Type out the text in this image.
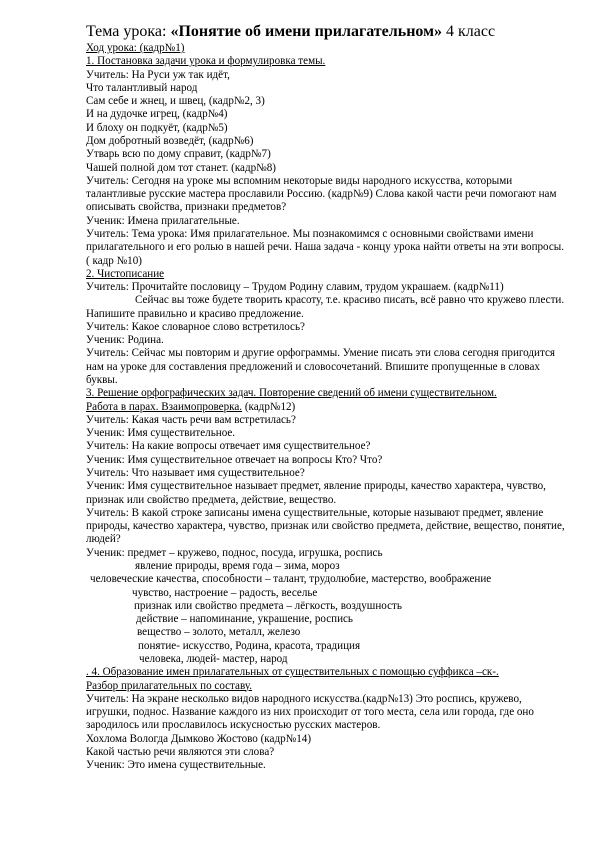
Тема урока: «Понятие об имени прилагательном» 4 класс
Ход урока: (кадр№1)
1. Постановка задачи урока и формулировка темы.
Учитель: На Руси уж так идёт,
Что талантливый народ
Сам себе и жнец, и швец, (кадр№2, 3)
И на дудочке игрец, (кадр№4)
И блоху он подкуёт, (кадр№5)
Дом добротный возведёт, (кадр№6)
Утварь всю по дому справит, (кадр№7)
Чашей полной дом тот станет. (кадр№8)
Учитель: Сегодня на уроке мы вспомним некоторые виды народного искусства, которыми талантливые русские мастера прославили Россию. (кадр№9) Слова какой части речи помогают нам описывать свойства, признаки предметов?
Ученик: Имена прилагательные.
Учитель: Тема урока: Имя прилагательное. Мы познакомимся с основными свойствами имени прилагательного и его ролью в нашей речи. Наша задача - концу урока найти ответы на эти вопросы. ( кадр №10)
2. Чистописание
Учитель: Прочитайте пословицу – Трудом Родину славим, трудом украшаем. (кадр№11)
Сейчас вы тоже будете творить красоту, т.е. красиво писать, всё равно что кружево плести. Напишите правильно и красиво предложение.
Учитель: Какое словарное слово встретилось?
Ученик: Родина.
Учитель: Сейчас мы повторим и другие орфограммы. Умение писать эти слова сегодня пригодится нам на уроке для составления предложений и словосочетаний. Впишите пропущенные в словах буквы.
3. Решение орфографических задач. Повторение сведений об имени существительном.
Работа в парах. Взаимопроверка. (кадр№12)
Учитель: Какая часть речи вам встретилась?
Ученик: Имя существительное.
Учитель: На какие вопросы отвечает имя существительное?
Ученик: Имя существительное отвечает на вопросы Кто? Что?
Учитель: Что называет имя существительное?
Ученик: Имя существительное называет предмет, явление природы, качество характера, чувство, признак или свойство предмета, действие, вещество.
Учитель: В какой строке записаны имена существительные, которые называют предмет, явление природы, качество характера, чувство, признак или свойство предмета, действие, вещество, понятие, людей?
Ученик: предмет – кружево, поднос, посуда, игрушка, роспись
явление природы, время года – зима, мороз
человеческие качества, способности – талант, трудолюбие, мастерство, воображение
чувство, настроение – радость, веселье
признак или свойство предмета – лёгкость, воздушность
действие – напоминание, украшение, роспись
вещество – золото, металл, железо
понятие- искусство, Родина, красота, традиция
человека, людей- мастер, народ
. 4. Образование имен прилагательных от существительных с помощью суффикса –ск-.
Разбор прилагательных по составу.
Учитель: На экране несколько видов народного искусства.(кадр№13) Это роспись, кружево, игрушки, поднос. Название каждого из них происходит от того места, села или города, где оно зародилось или прославилось искусностью русских мастеров.
Хохлома Вологда Дымково Жостово (кадр№14)
Какой частью речи являются эти слова?
Ученик: Это имена существительные.
